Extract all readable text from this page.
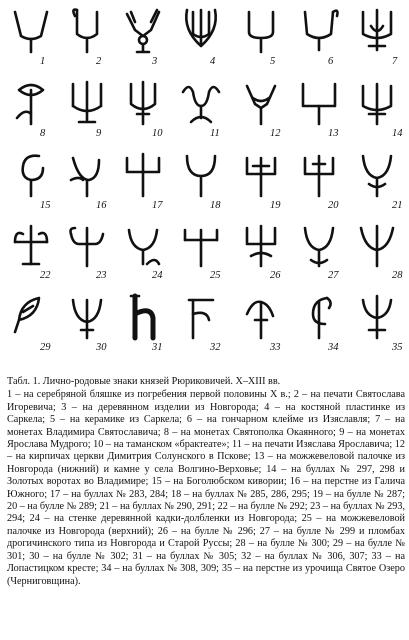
1	2	3	4	5	6	7
8	9	10	11	12	13	14
15	16	17	18	19	20	21
22	23	24	25	26	27	28
29	30	31	32	33	34	35
Табл. 1. Лично-родовые знаки князей Рюриковичей. X–XIII вв.
1 – на серебряной бляшке из погребения первой половины X в.; 2 – на печати Святослава Игоревича; 3 – на деревянном изделии из Новгорода; 4 – на костяной пластинке из Саркела; 5 – на керамике из Саркела; 6 – на гончарном клейме из Изяславля; 7 – на монетах Владимира Святославича; 8 – на монетах Святополка Окаянного; 9 – на монетах Ярослава Мудрого; 10 – на таманском «брактеате»; 11 – на печати Изяслава Ярославича; 12 – на кирпичах церкви Димитрия Солунского в Пскове; 13 – на можжевеловой палочке из Новгорода (нижний) и камне у села Волгино-Верховье; 14 – на буллах № 297, 298 и Золотых воротах во Владимире; 15 – на Боголюбском кивории; 16 – на перстне из Галича Южного; 17 – на буллах № 283, 284; 18 – на буллах № 285, 286, 295; 19 – на булле № 287; 20 – на булле № 289; 21 – на буллах № 290, 291; 22 – на булле № 292; 23 – на буллах № 293, 294; 24 – на стенке деревянной кадки-долбленки из Новгорода; 25 – на можжевеловой палочке из Новгорода (верхний); 26 – на булле № 296; 27 – на булле № 299 и пломбах дрогичинского типа из Новгорода и Старой Руссы; 28 – на булле № 300; 29 – на булле № 301; 30 – на булле № 302; 31 – на буллах № 305; 32 – на буллах № 306, 307; 33 – на Лопастицком кресте; 34 – на буллах № 308, 309; 35 – на перстне из урочища Святое Озеро (Черниговщина).
